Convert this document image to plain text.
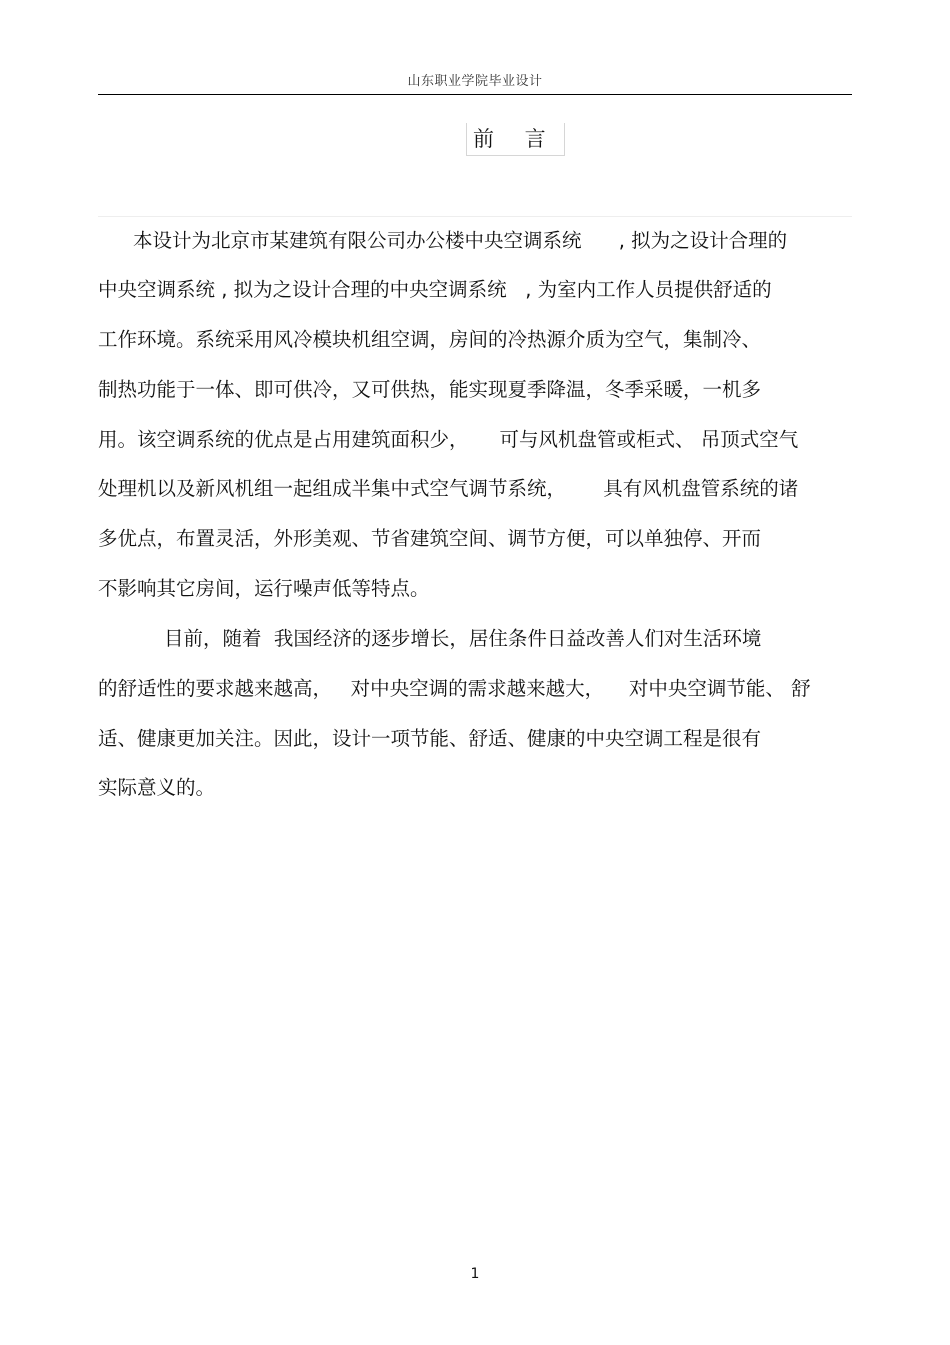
山东职业学院毕业设计
前 言
本设计为北京市某建筑有限公司办公楼中央空调系统      , 拟为之设计合理的
中央空调系统 , 拟为之设计合理的中央空调系统   , 为室内工作人员提供舒适的
工作环境。系统采用风冷模块机组空调，房间的冷热源介质为空气，集制冷、
制热功能于一体、即可供冷，又可供热，能实现夏季降温，冬季采暖，一机多
用。该空调系统的优点是占用建筑面积少，     可与风机盘管或柜式、 吊顶式空气
处理机以及新风机组一起组成半集中式空气调节系统，      具有风机盘管系统的诸
多优点，布置灵活，外形美观、节省建筑空间、调节方便，可以单独停、开而
不影响其它房间，运行噪声低等特点。
目前，随着  我国经济的逐步增长，居住条件日益改善人们对生活环境
的舒适性的要求越来越高，   对中央空调的需求越来越大，    对中央空调节能、 舒
适、健康更加关注。因此，设计一项节能、舒适、健康的中央空调工程是很有
实际意义的。
1
